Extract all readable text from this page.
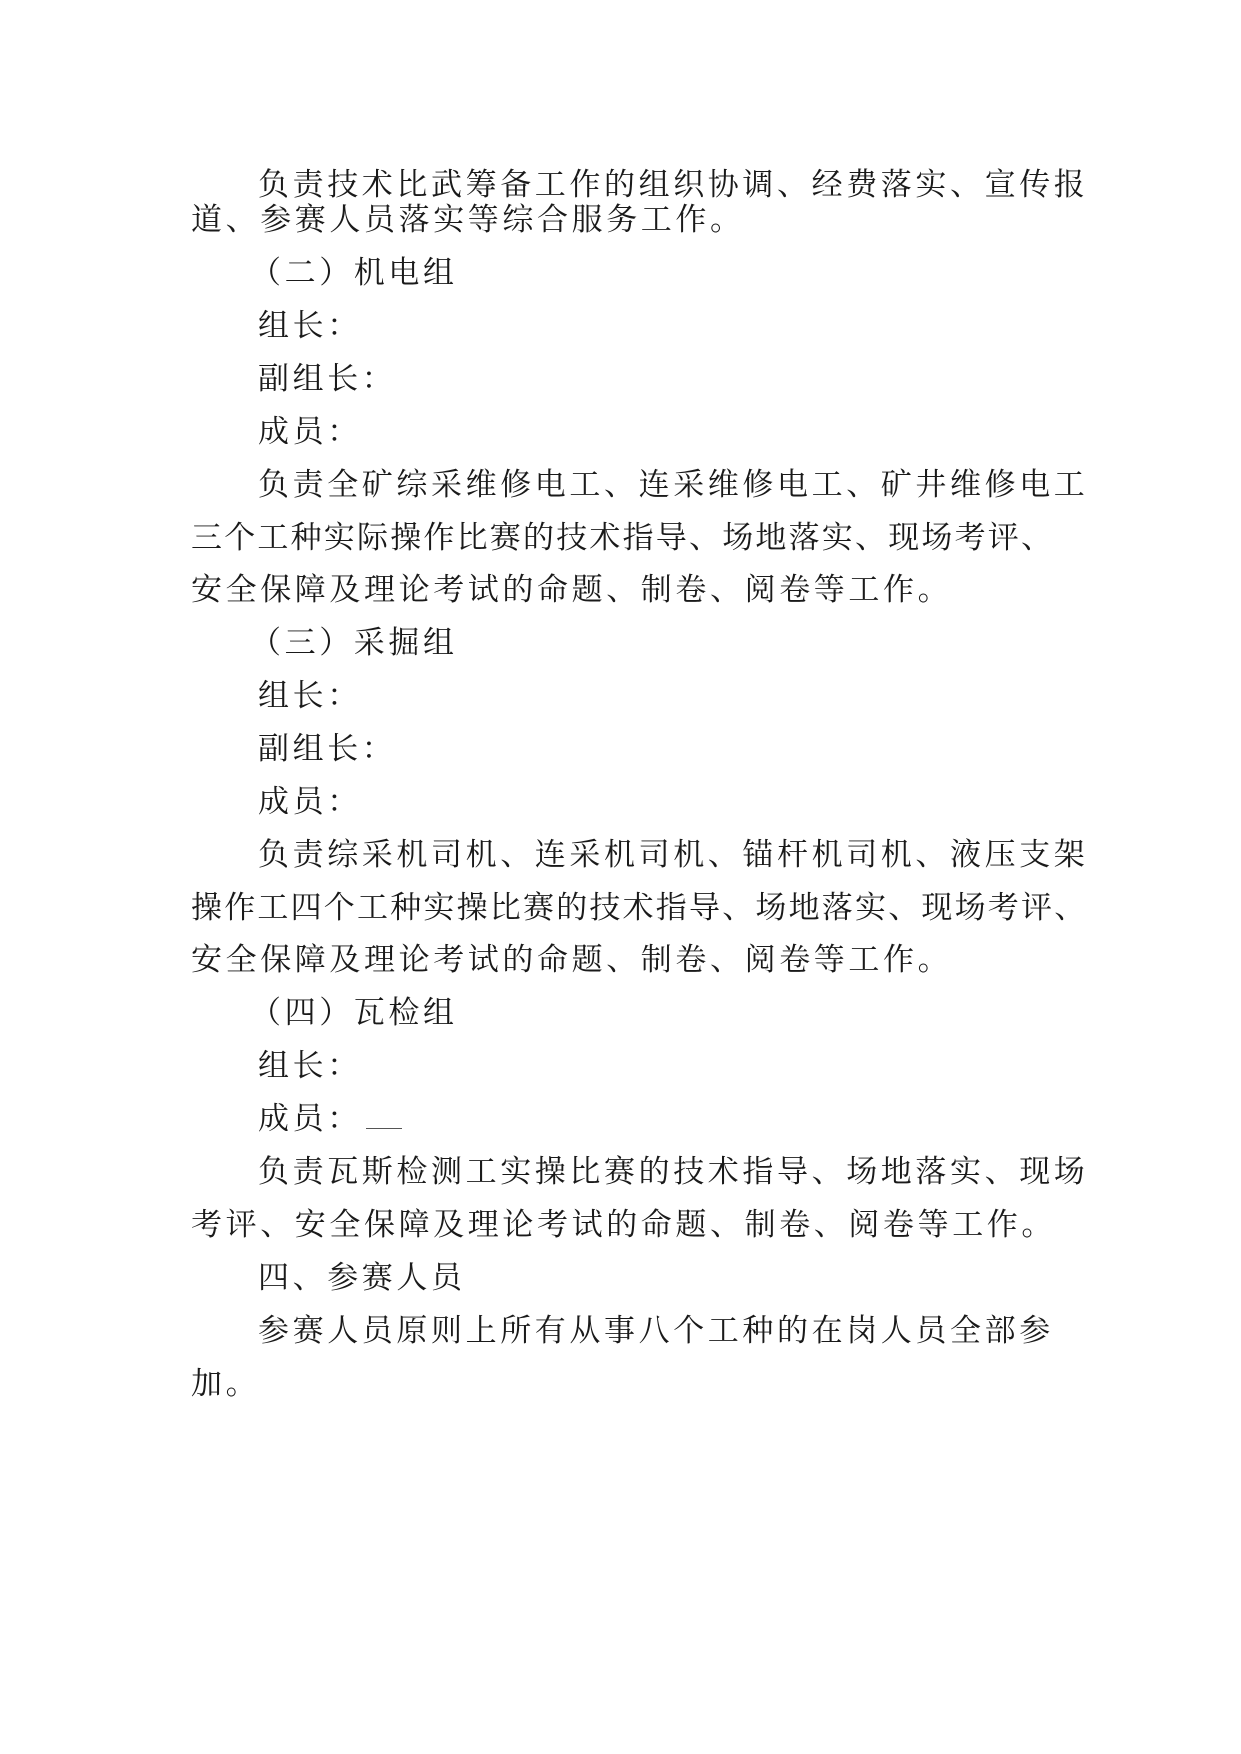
负责技术比武筹备工作的组织协调、经费落实、宣传报
道、参赛人员落实等综合服务工作。
（二）机电组
组长：
副组长：
成员：
负责全矿综采维修电工、连采维修电工、矿井维修电工
三个工种实际操作比赛的技术指导、场地落实、现场考评、
安全保障及理论考试的命题、制卷、阅卷等工作。
（三）采掘组
组长：
副组长：
成员：
负责综采机司机、连采机司机、锚杆机司机、液压支架
操作工四个工种实操比赛的技术指导、场地落实、现场考评、
安全保障及理论考试的命题、制卷、阅卷等工作。
（四）瓦检组
组长：
成员：
负责瓦斯检测工实操比赛的技术指导、场地落实、现场
考评、安全保障及理论考试的命题、制卷、阅卷等工作。
四、参赛人员
参赛人员原则上所有从事八个工种的在岗人员全部参
加。
